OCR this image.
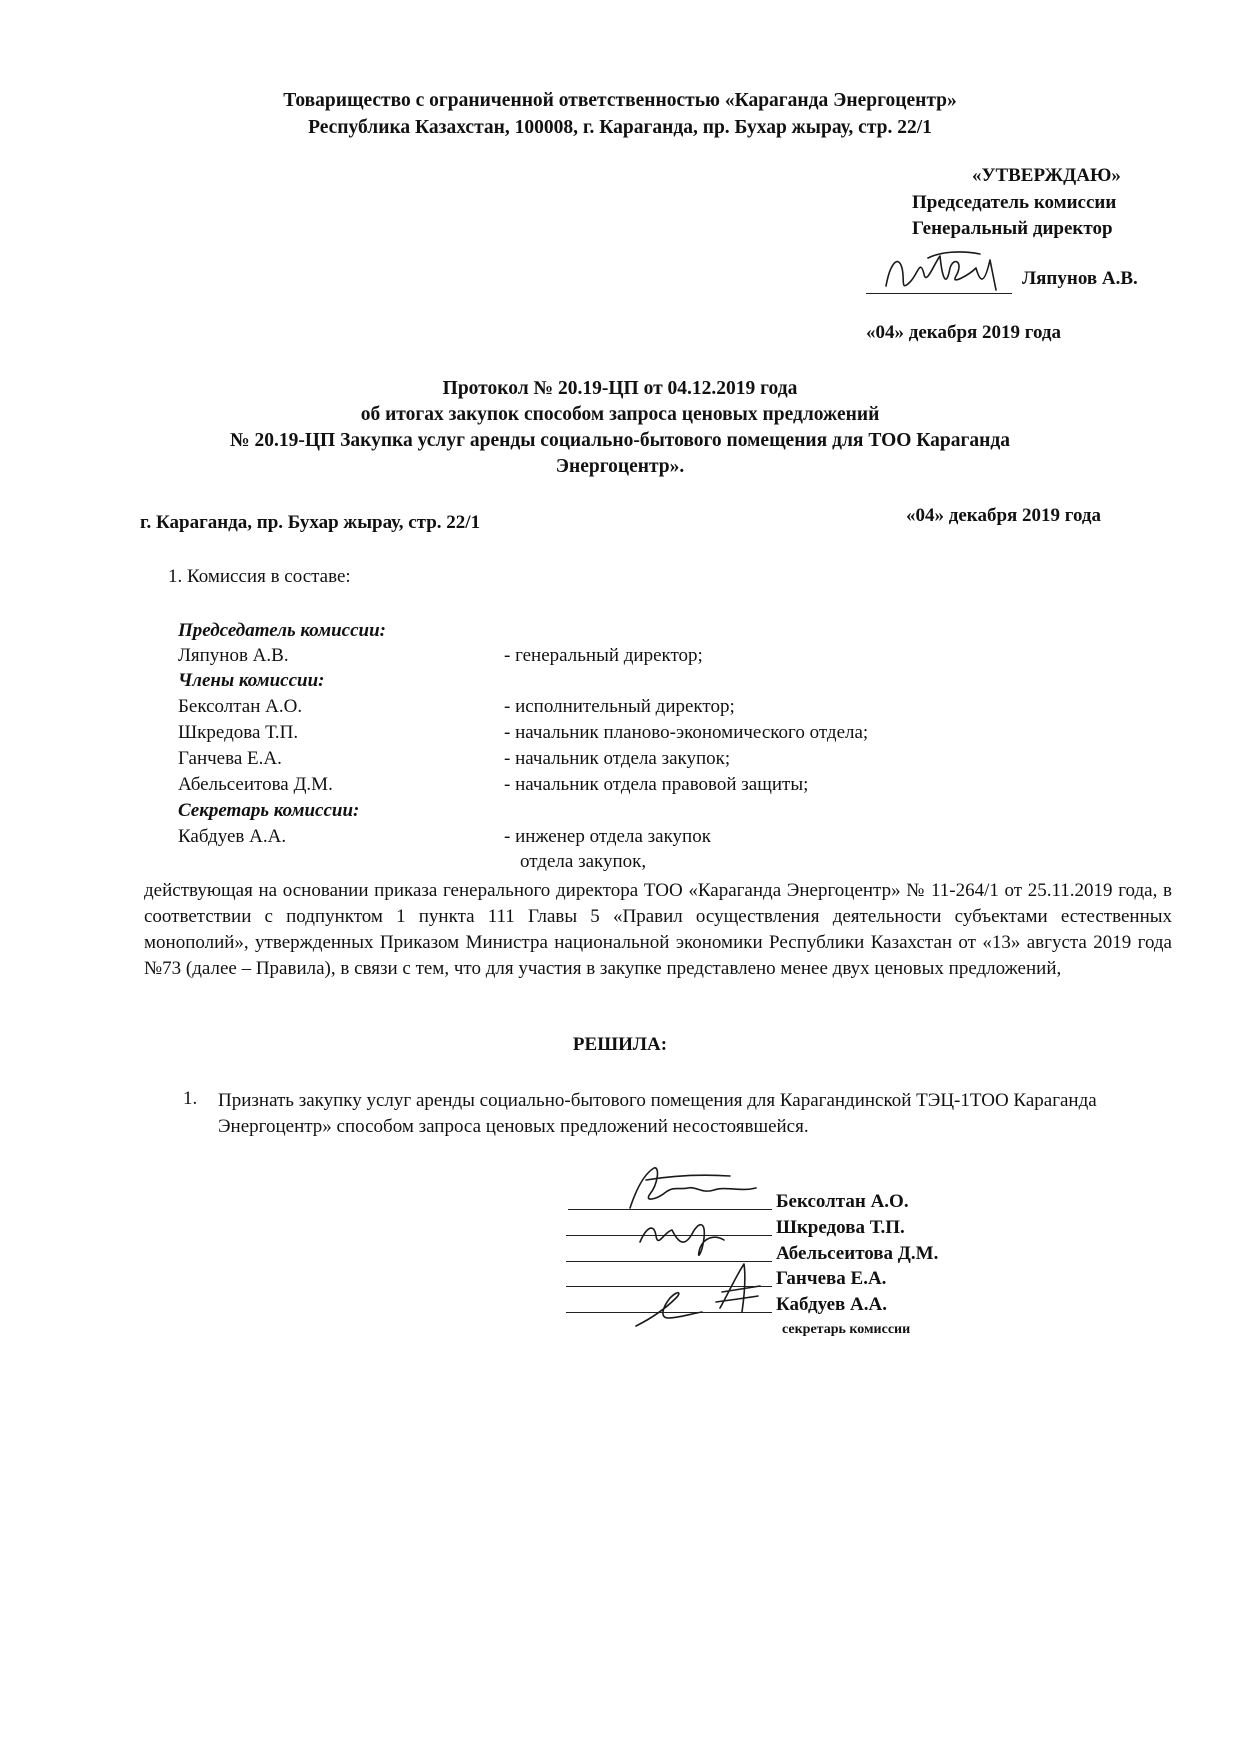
Товарищество с ограниченной ответственностью «Караганда Энергоцентр»
Республика Казахстан, 100008, г. Караганда, пр. Бухар жырау, стр. 22/1
«УТВЕРЖДАЮ»
Председатель комиссии
Генеральный директор
Ляпунов А.В.
«04» декабря 2019 года
Протокол № 20.19-ЦП от 04.12.2019 года
об итогах закупок способом запроса ценовых предложений
№ 20.19-ЦП Закупка услуг аренды социально-бытового помещения для ТОО Караганда
Энергоцентр».
г. Караганда, пр. Бухар жырау, стр. 22/1	«04» декабря 2019 года
1. Комиссия в составе:
Председатель комиссии:
Ляпунов А.В.	- генеральный директор;
Члены комиссии:
Бексолтан А.О.	- исполнительный директор;
Шкредова Т.П.	- начальник планово-экономического отдела;
Ганчева Е.А.	- начальник отдела закупок;
Абельсеитова Д.М.	- начальник отдела правовой защиты;
Секретарь комиссии:
Кабдуев А.А.	- инженер отдела закупок
отдела закупок,
действующая на основании приказа генерального директора ТОО «Караганда Энергоцентр» № 11-264/1 от 25.11.2019 года, в соответствии с подпунктом 1 пункта 111 Главы 5 «Правил осуществления деятельности субъектами естественных монополий», утвержденных Приказом Министра национальной экономики Республики Казахстан от «13» августа 2019 года №73 (далее – Правила), в связи с тем, что для участия в закупке представлено менее двух ценовых предложений,
РЕШИЛА:
1. Признать закупку услуг аренды социально-бытового помещения для Карагандинской ТЭЦ-1ТОО Караганда Энергоцентр» способом запроса ценовых предложений несостоявшейся.
Бексолтан А.О.
Шкредова Т.П.
Абельсеитова Д.М.
Ганчева Е.А.
Кабдуев А.А.
секретарь комиссии
